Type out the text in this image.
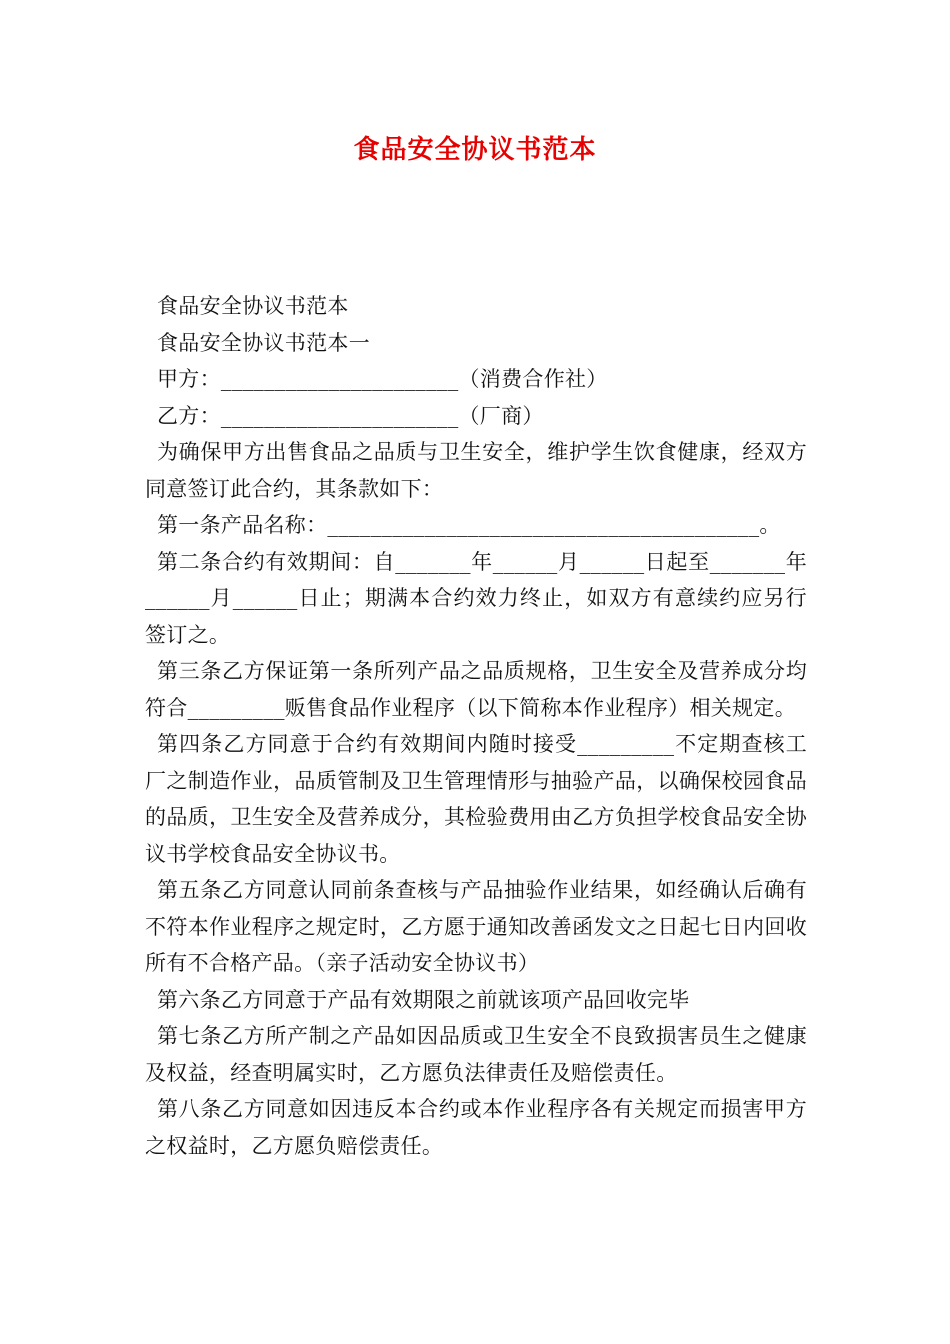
食品安全协议书范本

食品安全协议书范本

食品安全协议书范本一

甲方：______________________（消费合作社）

乙方：______________________（厂商）

为确保甲方出售食品之品质与卫生安全，维护学生饮食健康，经双方同意签订此合约，其条款如下：

第一条产品名称：________________________________________。

第二条合约有效期间：自_______年______月______日起至_______年______月______日止；期满本合约效力终止，如双方有意续约应另行签订之。

第三条乙方保证第一条所列产品之品质规格，卫生安全及营养成分均符合_________贩售食品作业程序（以下简称本作业程序）相关规定。

第四条乙方同意于合约有效期间内随时接受_________不定期查核工厂之制造作业，品质管制及卫生管理情形与抽验产品，以确保校园食品的品质，卫生安全及营养成分，其检验费用由乙方负担学校食品安全协议书学校食品安全协议书。

第五条乙方同意认同前条查核与产品抽验作业结果，如经确认后确有不符本作业程序之规定时，乙方愿于通知改善函发文之日起七日内回收所有不合格产品。（亲子活动安全协议书）

第六条乙方同意于产品有效期限之前就该项产品回收完毕

第七条乙方所产制之产品如因品质或卫生安全不良致损害员生之健康及权益，经查明属实时，乙方愿负法律责任及赔偿责任。

第八条乙方同意如因违反本合约或本作业程序各有关规定而损害甲方之权益时，乙方愿负赔偿责任。
